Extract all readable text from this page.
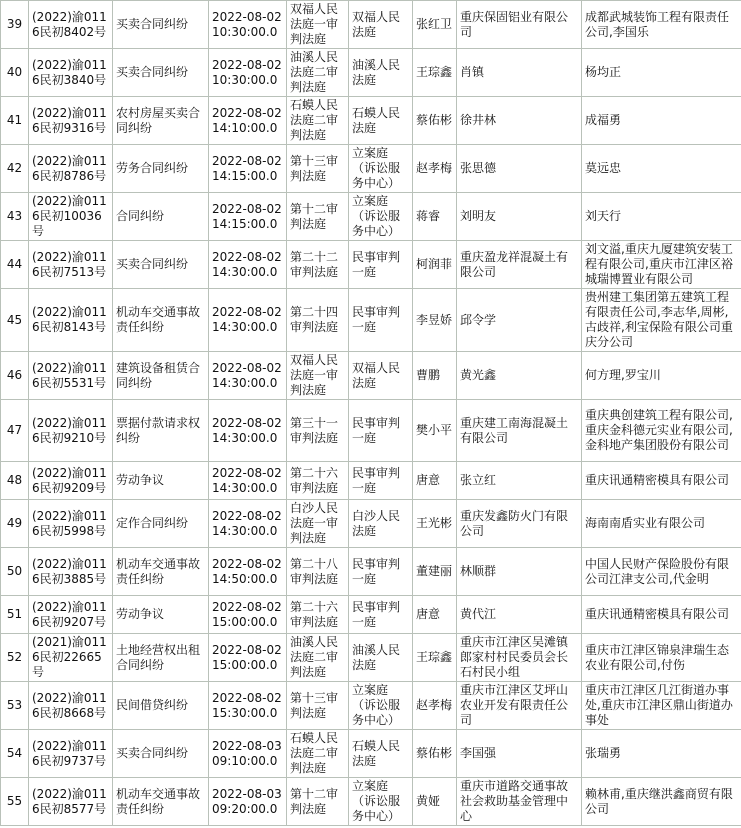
39	(2022)渝0116民初8402号	买卖合同纠纷	2022-08-02 10:30:00.0	双福人民法庭一审判法庭	双福人民法庭	张红卫	重庆保固铝业有限公司	成都武城装饰工程有限责任公司,李国乐
40	(2022)渝0116民初3840号	买卖合同纠纷	2022-08-02 10:30:00.0	油溪人民法庭二审判法庭	油溪人民法庭	王琮鑫	肖镇	杨均正
41	(2022)渝0116民初9316号	农村房屋买卖合同纠纷	2022-08-02 14:10:00.0	石蟆人民法庭二审判法庭	石蟆人民法庭	蔡佑彬	徐井林	成福勇
42	(2022)渝0116民初8786号	劳务合同纠纷	2022-08-02 14:15:00.0	第十三审判法庭	立案庭（诉讼服务中心）	赵孝梅	张思德	莫远忠
43	(2022)渝0116民初10036号	合同纠纷	2022-08-02 14:15:00.0	第十二审判法庭	立案庭（诉讼服务中心）	蒋睿	刘明友	刘天行
44	(2022)渝0116民初7513号	买卖合同纠纷	2022-08-02 14:30:00.0	第二十二审判法庭	民事审判一庭	柯润菲	重庆盈龙祥混凝土有限公司	刘文溢,重庆九厦建筑安装工程有限公司,重庆市江津区裕城瑞博置业有限公司
45	(2022)渝0116民初8143号	机动车交通事故责任纠纷	2022-08-02 14:30:00.0	第二十四审判法庭	民事审判一庭	李昱娇	邱令学	贵州建工集团第五建筑工程有限责任公司,李志华,周彬,古歧祥,利宝保险有限公司重庆分公司
46	(2022)渝0116民初5531号	建筑设备租赁合同纠纷	2022-08-02 14:30:00.0	双福人民法庭一审判法庭	双福人民法庭	曹鹏	黄光鑫	何方理,罗宝川
47	(2022)渝0116民初9210号	票据付款请求权纠纷	2022-08-02 14:30:00.0	第三十一审判法庭	民事审判一庭	樊小平	重庆建工南海混凝土有限公司	重庆典创建筑工程有限公司,重庆金科德元实业有限公司,金科地产集团股份有限公司
48	(2022)渝0116民初9209号	劳动争议	2022-08-02 14:30:00.0	第二十六审判法庭	民事审判一庭	唐意	张立红	重庆讯通精密模具有限公司
49	(2022)渝0116民初5998号	定作合同纠纷	2022-08-02 14:30:00.0	白沙人民法庭一审判法庭	白沙人民法庭	王光彬	重庆发鑫防火门有限公司	海南南盾实业有限公司
50	(2022)渝0116民初3885号	机动车交通事故责任纠纷	2022-08-02 14:50:00.0	第二十八审判法庭	民事审判一庭	董建丽	林顺群	中国人民财产保险股份有限公司江津支公司,代金明
51	(2022)渝0116民初9207号	劳动争议	2022-08-02 15:00:00.0	第二十六审判法庭	民事审判一庭	唐意	黄代江	重庆讯通精密模具有限公司
52	(2021)渝0116民初22665号	土地经营权出租合同纠纷	2022-08-02 15:00:00.0	油溪人民法庭二审判法庭	油溪人民法庭	王琮鑫	重庆市江津区吴滩镇郎家村村民委员会长石村民小组	重庆市江津区锦泉津瑞生态农业有限公司,付伤
53	(2022)渝0116民初8668号	民间借贷纠纷	2022-08-02 15:30:00.0	第十三审判法庭	立案庭（诉讼服务中心）	赵孝梅	重庆市江津区艾坪山农业开发有限责任公司	重庆市江津区几江街道办事处,重庆市江津区鼎山街道办事处
54	(2022)渝0116民初9737号	买卖合同纠纷	2022-08-03 09:10:00.0	石蟆人民法庭二审判法庭	石蟆人民法庭	蔡佑彬	李国强	张瑞勇
55	(2022)渝0116民初8577号	机动车交通事故责任纠纷	2022-08-03 09:20:00.0	第十二审判法庭	立案庭（诉讼服务中心）	黄娅	重庆市道路交通事故社会救助基金管理中心	赖林甫,重庆继洪鑫商贸有限公司
